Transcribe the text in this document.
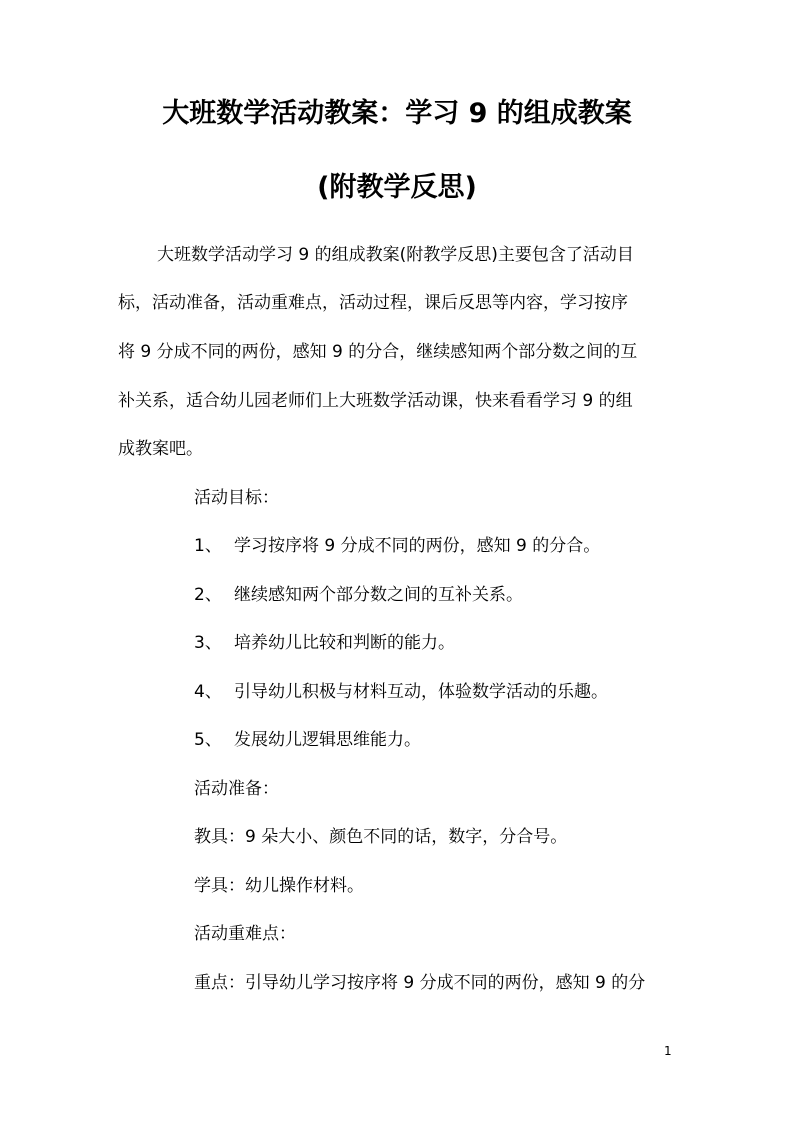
大班数学活动教案：学习 9 的组成教案
(附教学反思)
大班数学活动学习 9 的组成教案(附教学反思)主要包含了活动目
标，活动准备，活动重难点，活动过程，课后反思等内容，学习按序
将 9 分成不同的两份，感知 9 的分合，继续感知两个部分数之间的互
补关系，适合幼儿园老师们上大班数学活动课，快来看看学习 9 的组
成教案吧。
活动目标：
1、 学习按序将 9 分成不同的两份，感知 9 的分合。
2、 继续感知两个部分数之间的互补关系。
3、 培养幼儿比较和判断的能力。
4、 引导幼儿积极与材料互动，体验数学活动的乐趣。
5、 发展幼儿逻辑思维能力。
活动准备：
教具：9 朵大小、颜色不同的话，数字，分合号。
学具：幼儿操作材料。
活动重难点：
重点：引导幼儿学习按序将 9 分成不同的两份，感知 9 的分
1
